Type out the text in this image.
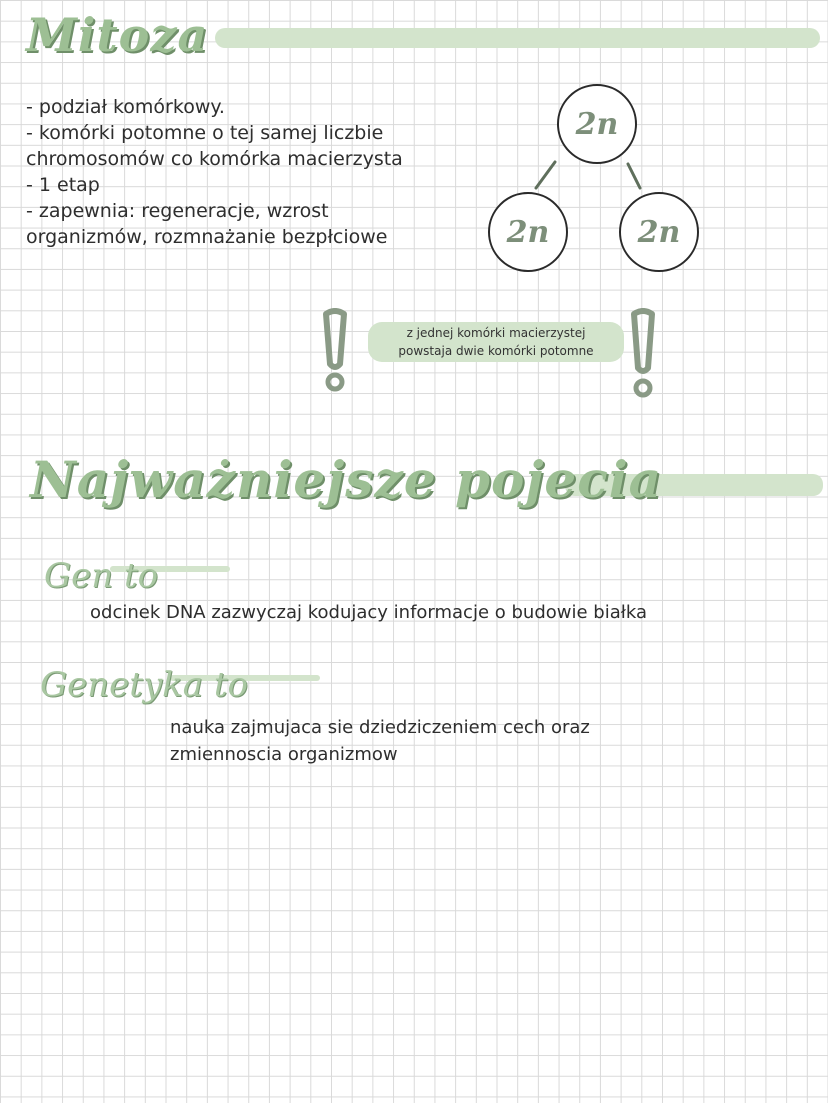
Mitoza
- podział komórkowy.
- komórki potomne o tej samej liczbie
chromosomów co komórka macierzysta
- 1 etap
- zapewnia: regeneracje, wzrost
organizmów, rozmnażanie bezpłciowe
2n
2n	2n
z jednej komórki macierzystej
powstaja dwie komórki potomne
Najważniejsze pojecia
Gen to
odcinek DNA zazwyczaj kodujacy informacje o budowie białka
Genetyka to
nauka zajmujaca sie dziedziczeniem cech oraz
zmiennoscia organizmow
